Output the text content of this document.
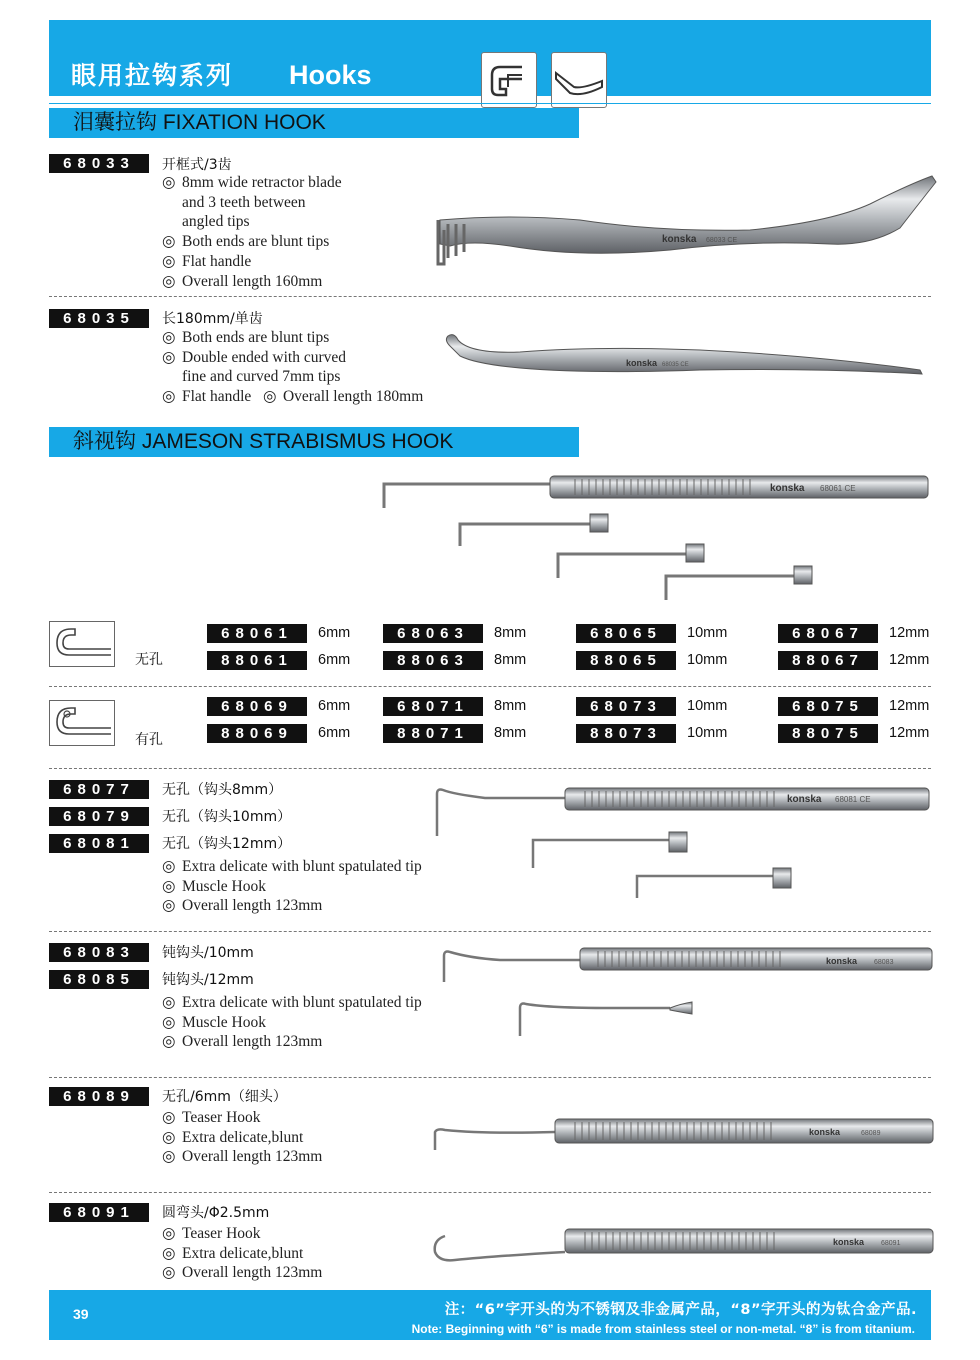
眼用拉钩系列 Hooks
泪囊拉钩 FIXATION HOOK
68033	开框式/3齿
◎ 8mm wide retractor blade
and 3 teeth between
angled tips
◎ Both ends are blunt tips
◎ Flat handle
◎ Overall length 160mm
konska 68033 CE
68035	长180mm/单齿
◎ Both ends are blunt tips
◎ Double ended with curved
fine and curved 7mm tips
◎ Flat handle ◎ Overall length 180mm
konska 68035 CE
斜视钩 JAMESON STRABISMUS HOOK
konska 68061 CE
无孔
有孔
68061	6mm	68063	8mm	68065	10mm	68067	12mm
88061	6mm	88063	8mm	88065	10mm	88067	12mm
68069	6mm	68071	8mm	68073	10mm	68075	12mm
88069	6mm	88071	8mm	88073	10mm	88075	12mm
68077	无孔（钩头8mm）
68079	无孔（钩头10mm）
68081	无孔（钩头12mm）
◎ Extra delicate with blunt spatulated tip
◎ Muscle Hook
◎ Overall length 123mm
konska 68081 CE
68083	钝钩头/10mm
68085	钝钩头/12mm
◎ Extra delicate with blunt spatulated tip
◎ Muscle Hook
◎ Overall length 123mm
konska 68083
68089	无孔/6mm（细头）
◎ Teaser Hook
◎ Extra delicate,blunt
◎ Overall length 123mm
konska	68089
68091	圆弯头/Φ2.5mm
◎ Teaser Hook
◎ Extra delicate,blunt
◎ Overall length 123mm
konska 68091
39	注：“6”字开头的为不锈钢及非金属产品，“8”字开头的为钛合金产品.
Note: Beginning with “6” is made from stainless steel or non-metal. “8” is from titanium.
